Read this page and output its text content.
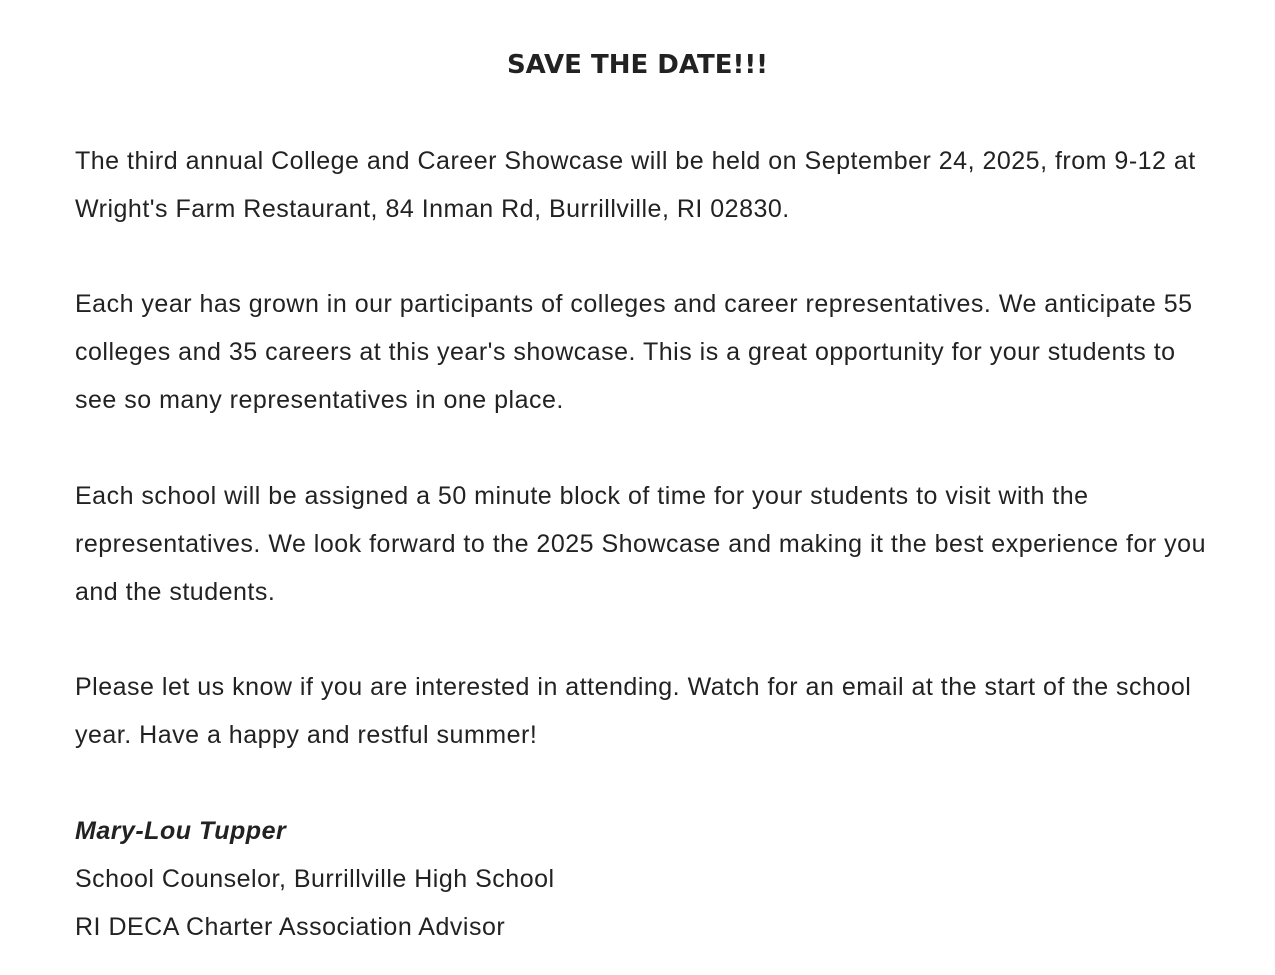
SAVE THE DATE!!!

The third annual College and Career Showcase will be held on September 24, 2025, from 9-12 at Wright's Farm Restaurant, 84 Inman Rd, Burrillville, RI 02830.

Each year has grown in our participants of colleges and career representatives. We anticipate 55 colleges and 35 careers at this year's showcase. This is a great opportunity for your students to see so many representatives in one place.

Each school will be assigned a 50 minute block of time for your students to visit with the representatives. We look forward to the 2025 Showcase and making it the best experience for you and the students.

Please let us know if you are interested in attending. Watch for an email at the start of the school year. Have a happy and restful summer!

Mary-Lou Tupper
School Counselor, Burrillville High School
RI DECA Charter Association Advisor
